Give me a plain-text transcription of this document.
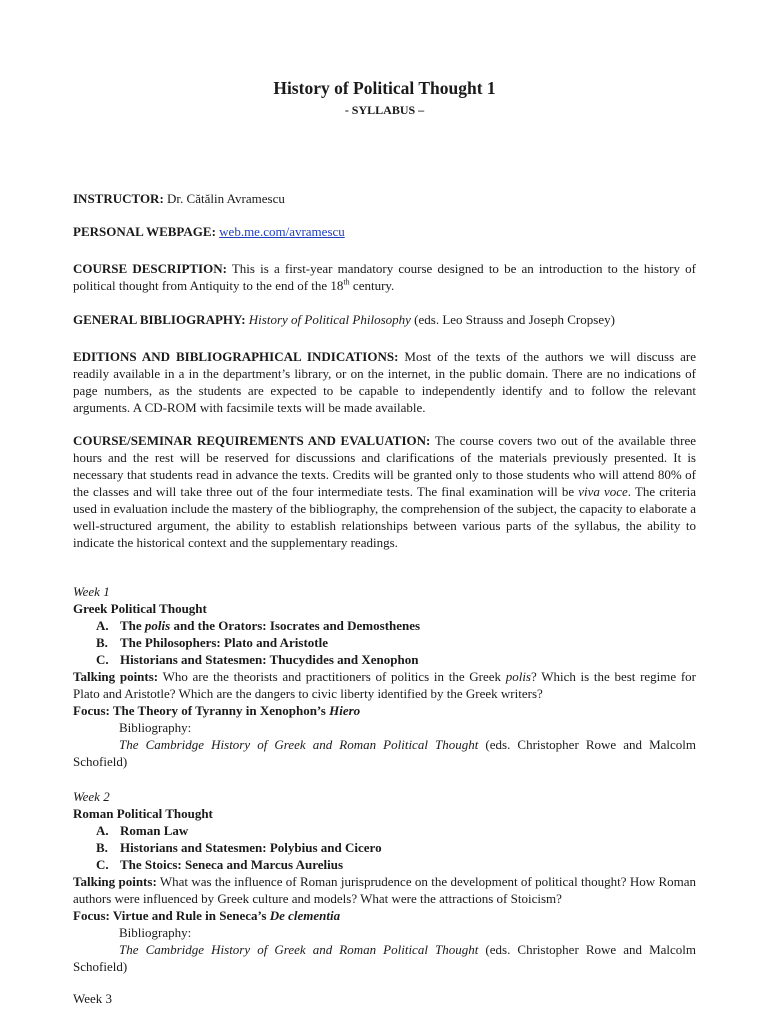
History of Political Thought 1
- SYLLABUS –
INSTRUCTOR: Dr. Cătălin Avramescu
PERSONAL WEBPAGE: web.me.com/avramescu
COURSE DESCRIPTION: This is a first-year mandatory course designed to be an introduction to the history of political thought from Antiquity to the end of the 18th century.
GENERAL BIBLIOGRAPHY: History of Political Philosophy (eds. Leo Strauss and Joseph Cropsey)
EDITIONS AND BIBLIOGRAPHICAL INDICATIONS: Most of the texts of the authors we will discuss are readily available in a in the department’s library, or on the internet, in the public domain. There are no indications of page numbers, as the students are expected to be capable to independently identify and to follow the relevant arguments. A CD-ROM with facsimile texts will be made available.
COURSE/SEMINAR REQUIREMENTS AND EVALUATION: The course covers two out of the available three hours and the rest will be reserved for discussions and clarifications of the materials previously presented. It is necessary that students read in advance the texts. Credits will be granted only to those students who will attend 80% of the classes and will take three out of the four intermediate tests. The final examination will be viva voce. The criteria used in evaluation include the mastery of the bibliography, the comprehension of the subject, the capacity to elaborate a well-structured argument, the ability to establish relationships between various parts of the syllabus, the ability to indicate the historical context and the supplementary readings.
Week 1
Greek Political Thought
A. The polis and the Orators: Isocrates and Demosthenes
B. The Philosophers: Plato and Aristotle
C. Historians and Statesmen: Thucydides and Xenophon
Talking points: Who are the theorists and practitioners of politics in the Greek polis? Which is the best regime for Plato and Aristotle? Which are the dangers to civic liberty identified by the Greek writers?
Focus: The Theory of Tyranny in Xenophon’s Hiero
Bibliography:
The Cambridge History of Greek and Roman Political Thought (eds. Christopher Rowe and Malcolm Schofield)
Week 2
Roman Political Thought
A. Roman Law
B. Historians and Statesmen: Polybius and Cicero
C. The Stoics: Seneca and Marcus Aurelius
Talking points: What was the influence of Roman jurisprudence on the development of political thought? How Roman authors were influenced by Greek culture and models? What were the attractions of Stoicism?
Focus: Virtue and Rule in Seneca’s De clementia
Bibliography:
The Cambridge History of Greek and Roman Political Thought (eds. Christopher Rowe and Malcolm Schofield)
Week 3
